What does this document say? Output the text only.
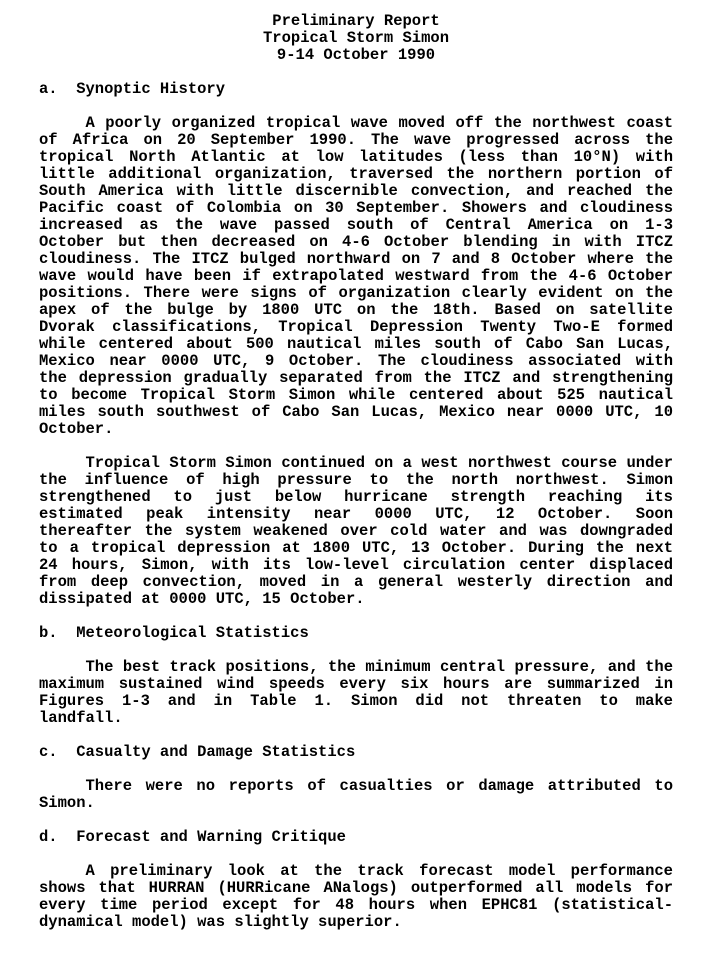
Preliminary Report
Tropical Storm Simon
9-14 October 1990
a.  Synoptic History
A poorly organized tropical wave moved off the northwest coast
of Africa on 20 September 1990. The wave progressed across the
tropical North Atlantic at low latitudes (less than 10°N) with
little additional organization, traversed the northern portion of
South America with little discernible convection, and reached the
Pacific coast of Colombia on 30 September. Showers and cloudiness
increased as the wave passed south of Central America on 1-3
October but then decreased on 4-6 October blending in with ITCZ
cloudiness. The ITCZ bulged northward on 7 and 8 October where the
wave would have been if extrapolated westward from the 4-6 October
positions. There were signs of organization clearly evident on the
apex of the bulge by 1800 UTC on the 18th. Based on satellite
Dvorak classifications, Tropical Depression Twenty Two-E formed
while centered about 500 nautical miles south of Cabo San Lucas,
Mexico near 0000 UTC, 9 October. The cloudiness associated with
the depression gradually separated from the ITCZ and strengthening
to become Tropical Storm Simon while centered about 525 nautical
miles south southwest of Cabo San Lucas, Mexico near 0000 UTC, 10
October.
Tropical Storm Simon continued on a west northwest course under
the influence of high pressure to the north northwest. Simon
strengthened to just below hurricane strength reaching its
estimated peak intensity near 0000 UTC, 12 October. Soon
thereafter the system weakened over cold water and was downgraded
to a tropical depression at 1800 UTC, 13 October. During the next
24 hours, Simon, with its low-level circulation center displaced
from deep convection, moved in a general westerly direction and
dissipated at 0000 UTC, 15 October.
b.  Meteorological Statistics
The best track positions, the minimum central pressure, and the
maximum sustained wind speeds every six hours are summarized in
Figures 1-3 and in Table 1. Simon did not threaten to make
landfall.
c.  Casualty and Damage Statistics
There were no reports of casualties or damage attributed to
Simon.
d.  Forecast and Warning Critique
A preliminary look at the track forecast model performance
shows that HURRAN (HURRicane ANalogs) outperformed all models for
every time period except for 48 hours when EPHC81 (statistical-
dynamical model) was slightly superior.
